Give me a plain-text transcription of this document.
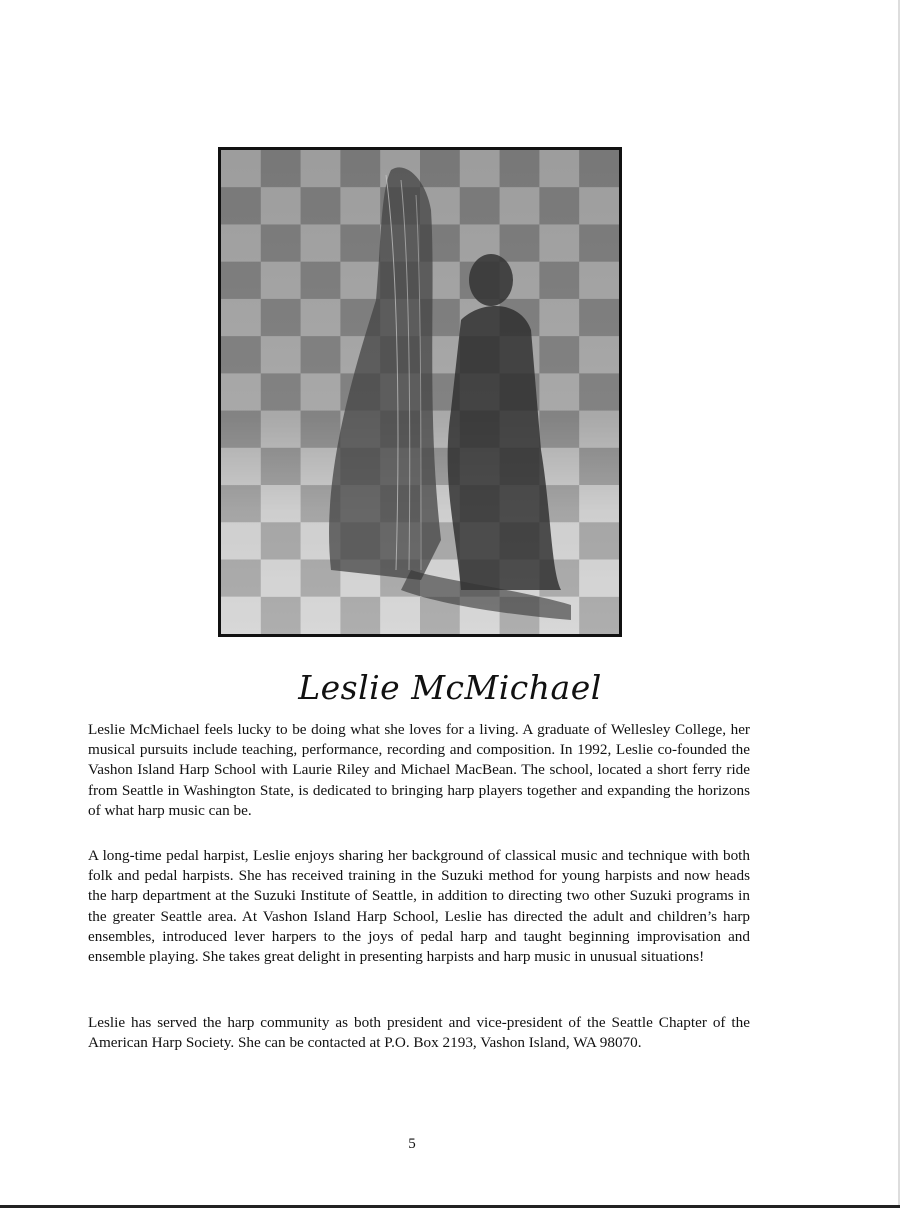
Leslie McMichael

Leslie McMichael feels lucky to be doing what she loves for a living. A graduate of Wellesley College, her musical pursuits include teaching, performance, recording and composition. In 1992, Leslie co-founded the Vashon Island Harp School with Laurie Riley and Michael MacBean. The school, located a short ferry ride from Seattle in Washington State, is dedicated to bringing harp players together and expanding the horizons of what harp music can be.

A long-time pedal harpist, Leslie enjoys sharing her background of classical music and technique with both folk and pedal harpists. She has received training in the Suzuki method for young harpists and now heads the harp department at the Suzuki Institute of Seattle, in addition to directing two other Suzuki programs in the greater Seattle area. At Vashon Island Harp School, Leslie has directed the adult and children’s harp ensembles, introduced lever harpers to the joys of pedal harp and taught beginning improvisation and ensemble playing. She takes great delight in presenting harpists and harp music in unusual situations!

Leslie has served the harp community as both president and vice-president of the Seattle Chapter of the American Harp Society. She can be contacted at P.O. Box 2193, Vashon Island, WA 98070.

5
